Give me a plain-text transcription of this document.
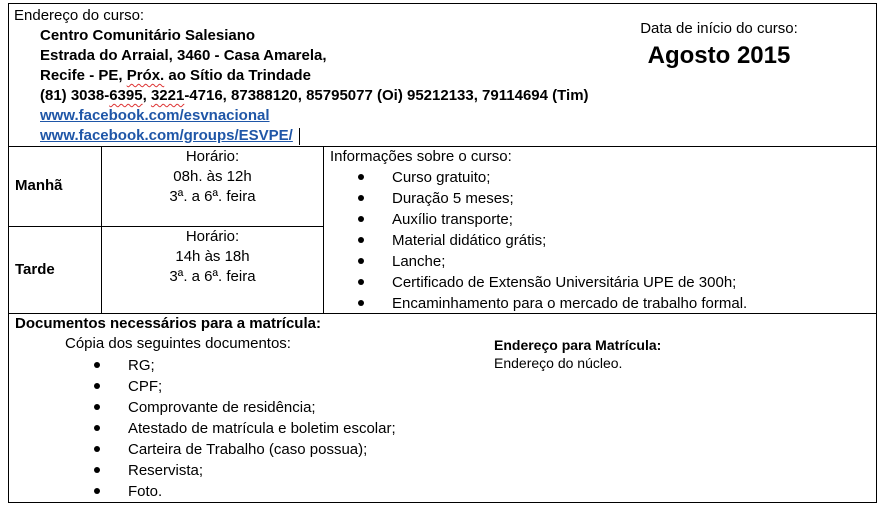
Endereço do curso:
Centro Comunitário Salesiano
Estrada do Arraial, 3460 - Casa Amarela,
Recife - PE, Próx. ao Sítio da Trindade
(81) 3038-6395, 3221-4716, 87388120, 85795077 (Oi) 95212133, 79114694 (Tim)
www.facebook.com/esvnacional
www.facebook.com/groups/ESVPE/
Data de início do curso:
Agosto 2015
Manhã
Horário:
08h. às 12h
3ª. a 6ª. feira
Tarde
Horário:
14h às 18h
3ª. a 6ª. feira
Informações sobre o curso:
Curso gratuito;
Duração 5 meses;
Auxílio transporte;
Material didático grátis;
Lanche;
Certificado de Extensão Universitária UPE de 300h;
Encaminhamento para o mercado de trabalho formal.
Documentos necessários para a matrícula:
Cópia dos seguintes documentos:
RG;
CPF;
Comprovante de residência;
Atestado de matrícula e boletim escolar;
Carteira de Trabalho (caso possua);
Reservista;
Foto.
Endereço para Matrícula:
Endereço do núcleo.
